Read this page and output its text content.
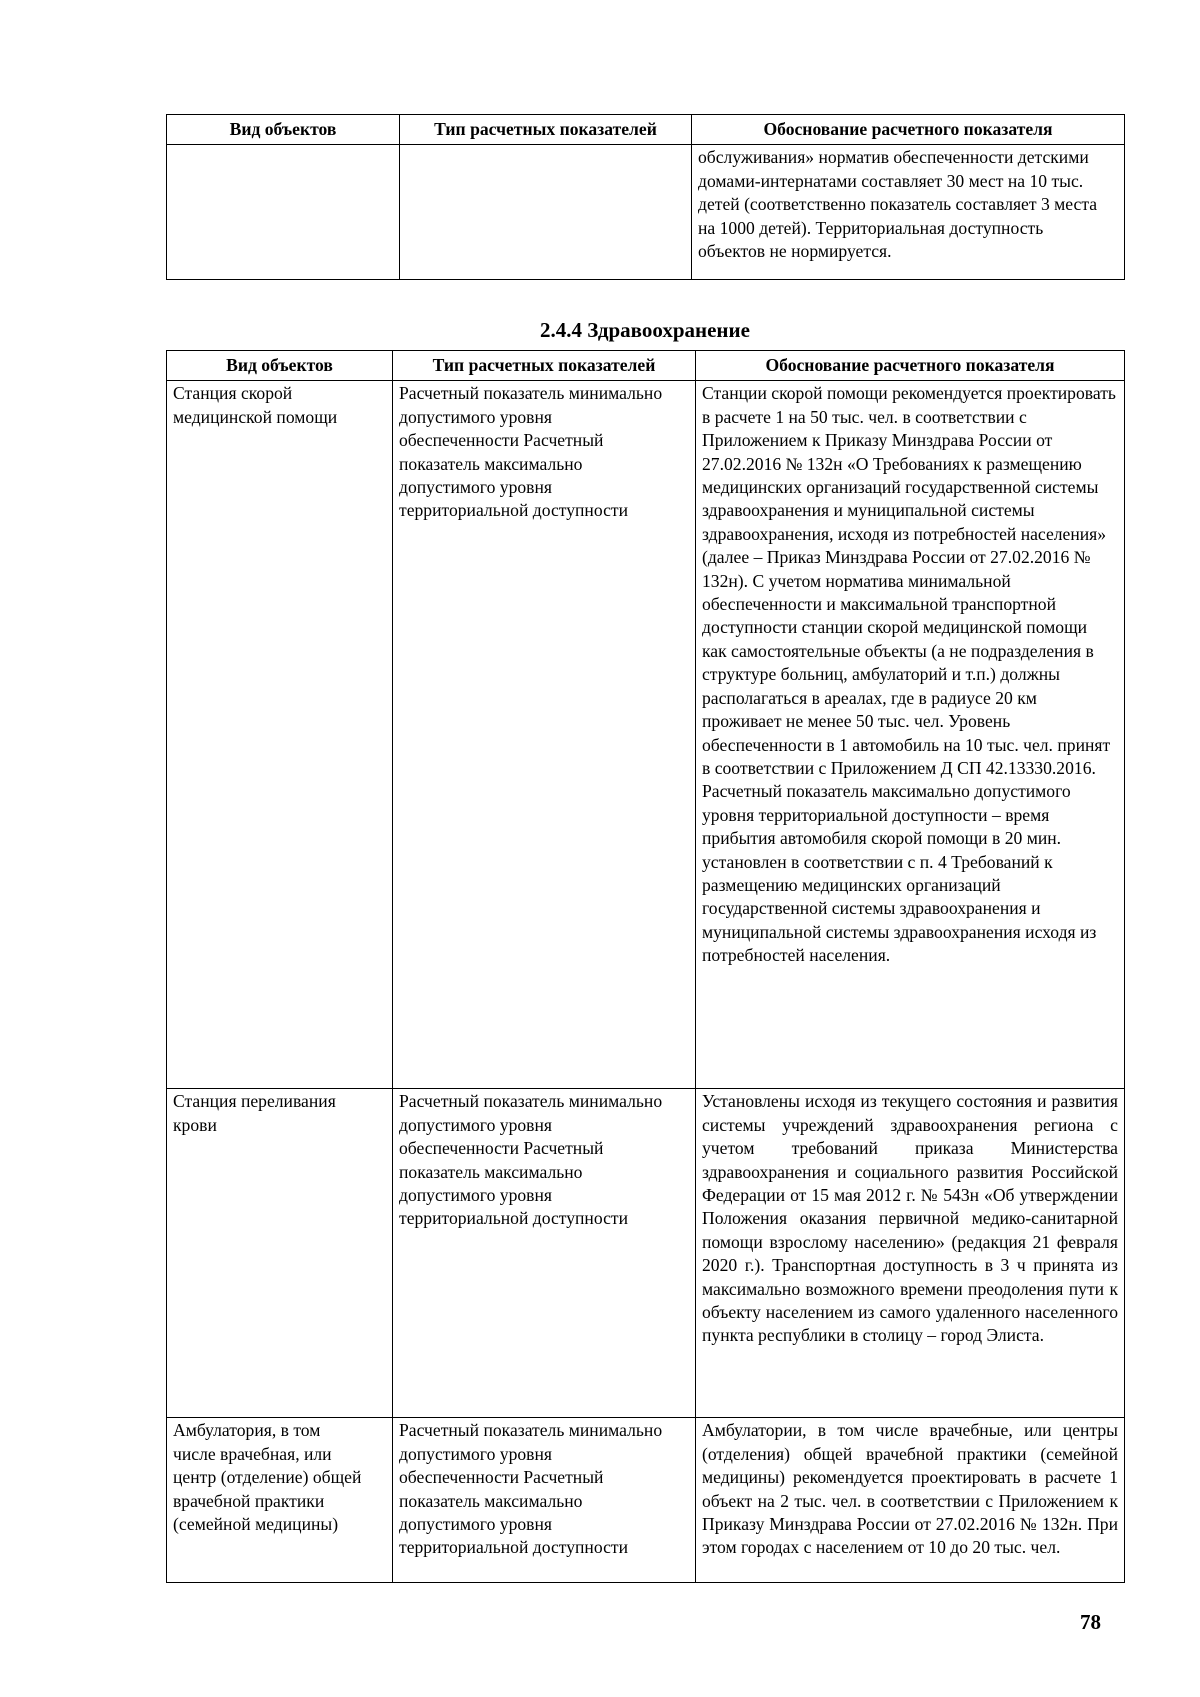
Вид объектов	Тип расчетных показателей	Обоснование расчетного показателя
		обслуживания» норматив обеспеченности детскими домами-интернатами составляет 30 мест на 10 тыс. детей (соответственно показатель составляет 3 места на 1000 детей). Территориальная доступность объектов не нормируется.
2.4.4 Здравоохранение
Вид объектов	Тип расчетных показателей	Обоснование расчетного показателя
Станция скорой медицинской помощи	Расчетный показатель минимально допустимого уровня обеспеченности Расчетный показатель максимально допустимого уровня территориальной доступности	Станции скорой помощи рекомендуется проектировать в расчете 1 на 50 тыс. чел. в соответствии с Приложением к Приказу Минздрава России от 27.02.2016 № 132н «О Требованиях к размещению медицинских организаций государственной системы здравоохранения и муниципальной системы здравоохранения, исходя из потребностей населения» (далее – Приказ Минздрава России от 27.02.2016 № 132н). С учетом норматива минимальной обеспеченности и максимальной транспортной доступности станции скорой медицинской помощи как самостоятельные объекты (а не подразделения в структуре больниц, амбулаторий и т.п.) должны располагаться в ареалах, где в радиусе 20 км проживает не менее 50 тыс. чел. Уровень обеспеченности в 1 автомобиль на 10 тыс. чел. принят в соответствии с Приложением Д СП 42.13330.2016. Расчетный показатель максимально допустимого уровня территориальной доступности – время прибытия автомобиля скорой помощи в 20 мин. установлен в соответствии с п. 4 Требований к размещению медицинских организаций государственной системы здравоохранения и муниципальной системы здравоохранения исходя из потребностей населения.
Станция переливания крови	Расчетный показатель минимально допустимого уровня обеспеченности Расчетный показатель максимально допустимого уровня территориальной доступности	Установлены исходя из текущего состояния и развития системы учреждений здравоохранения региона с учетом требований приказа Министерства здравоохранения и социального развития Российской Федерации от 15 мая 2012 г. № 543н «Об утверждении Положения оказания первичной медико-санитарной помощи взрослому населению» (редакция 21 февраля 2020 г.). Транспортная доступность в 3 ч принята из максимально возможного времени преодоления пути к объекту населением из самого удаленного населенного пункта республики в столицу – город Элиста.
Амбулатория, в том числе врачебная, или центр (отделение) общей врачебной практики (семейной медицины)	Расчетный показатель минимально допустимого уровня обеспеченности Расчетный показатель максимально допустимого уровня территориальной доступности	Амбулатории, в том числе врачебные, или центры (отделения) общей врачебной практики (семейной медицины) рекомендуется проектировать в расчете 1 объект на 2 тыс. чел. в соответствии с Приложением к Приказу Минздрава России от 27.02.2016 № 132н. При этом городах с населением от 10 до 20 тыс. чел.
78
